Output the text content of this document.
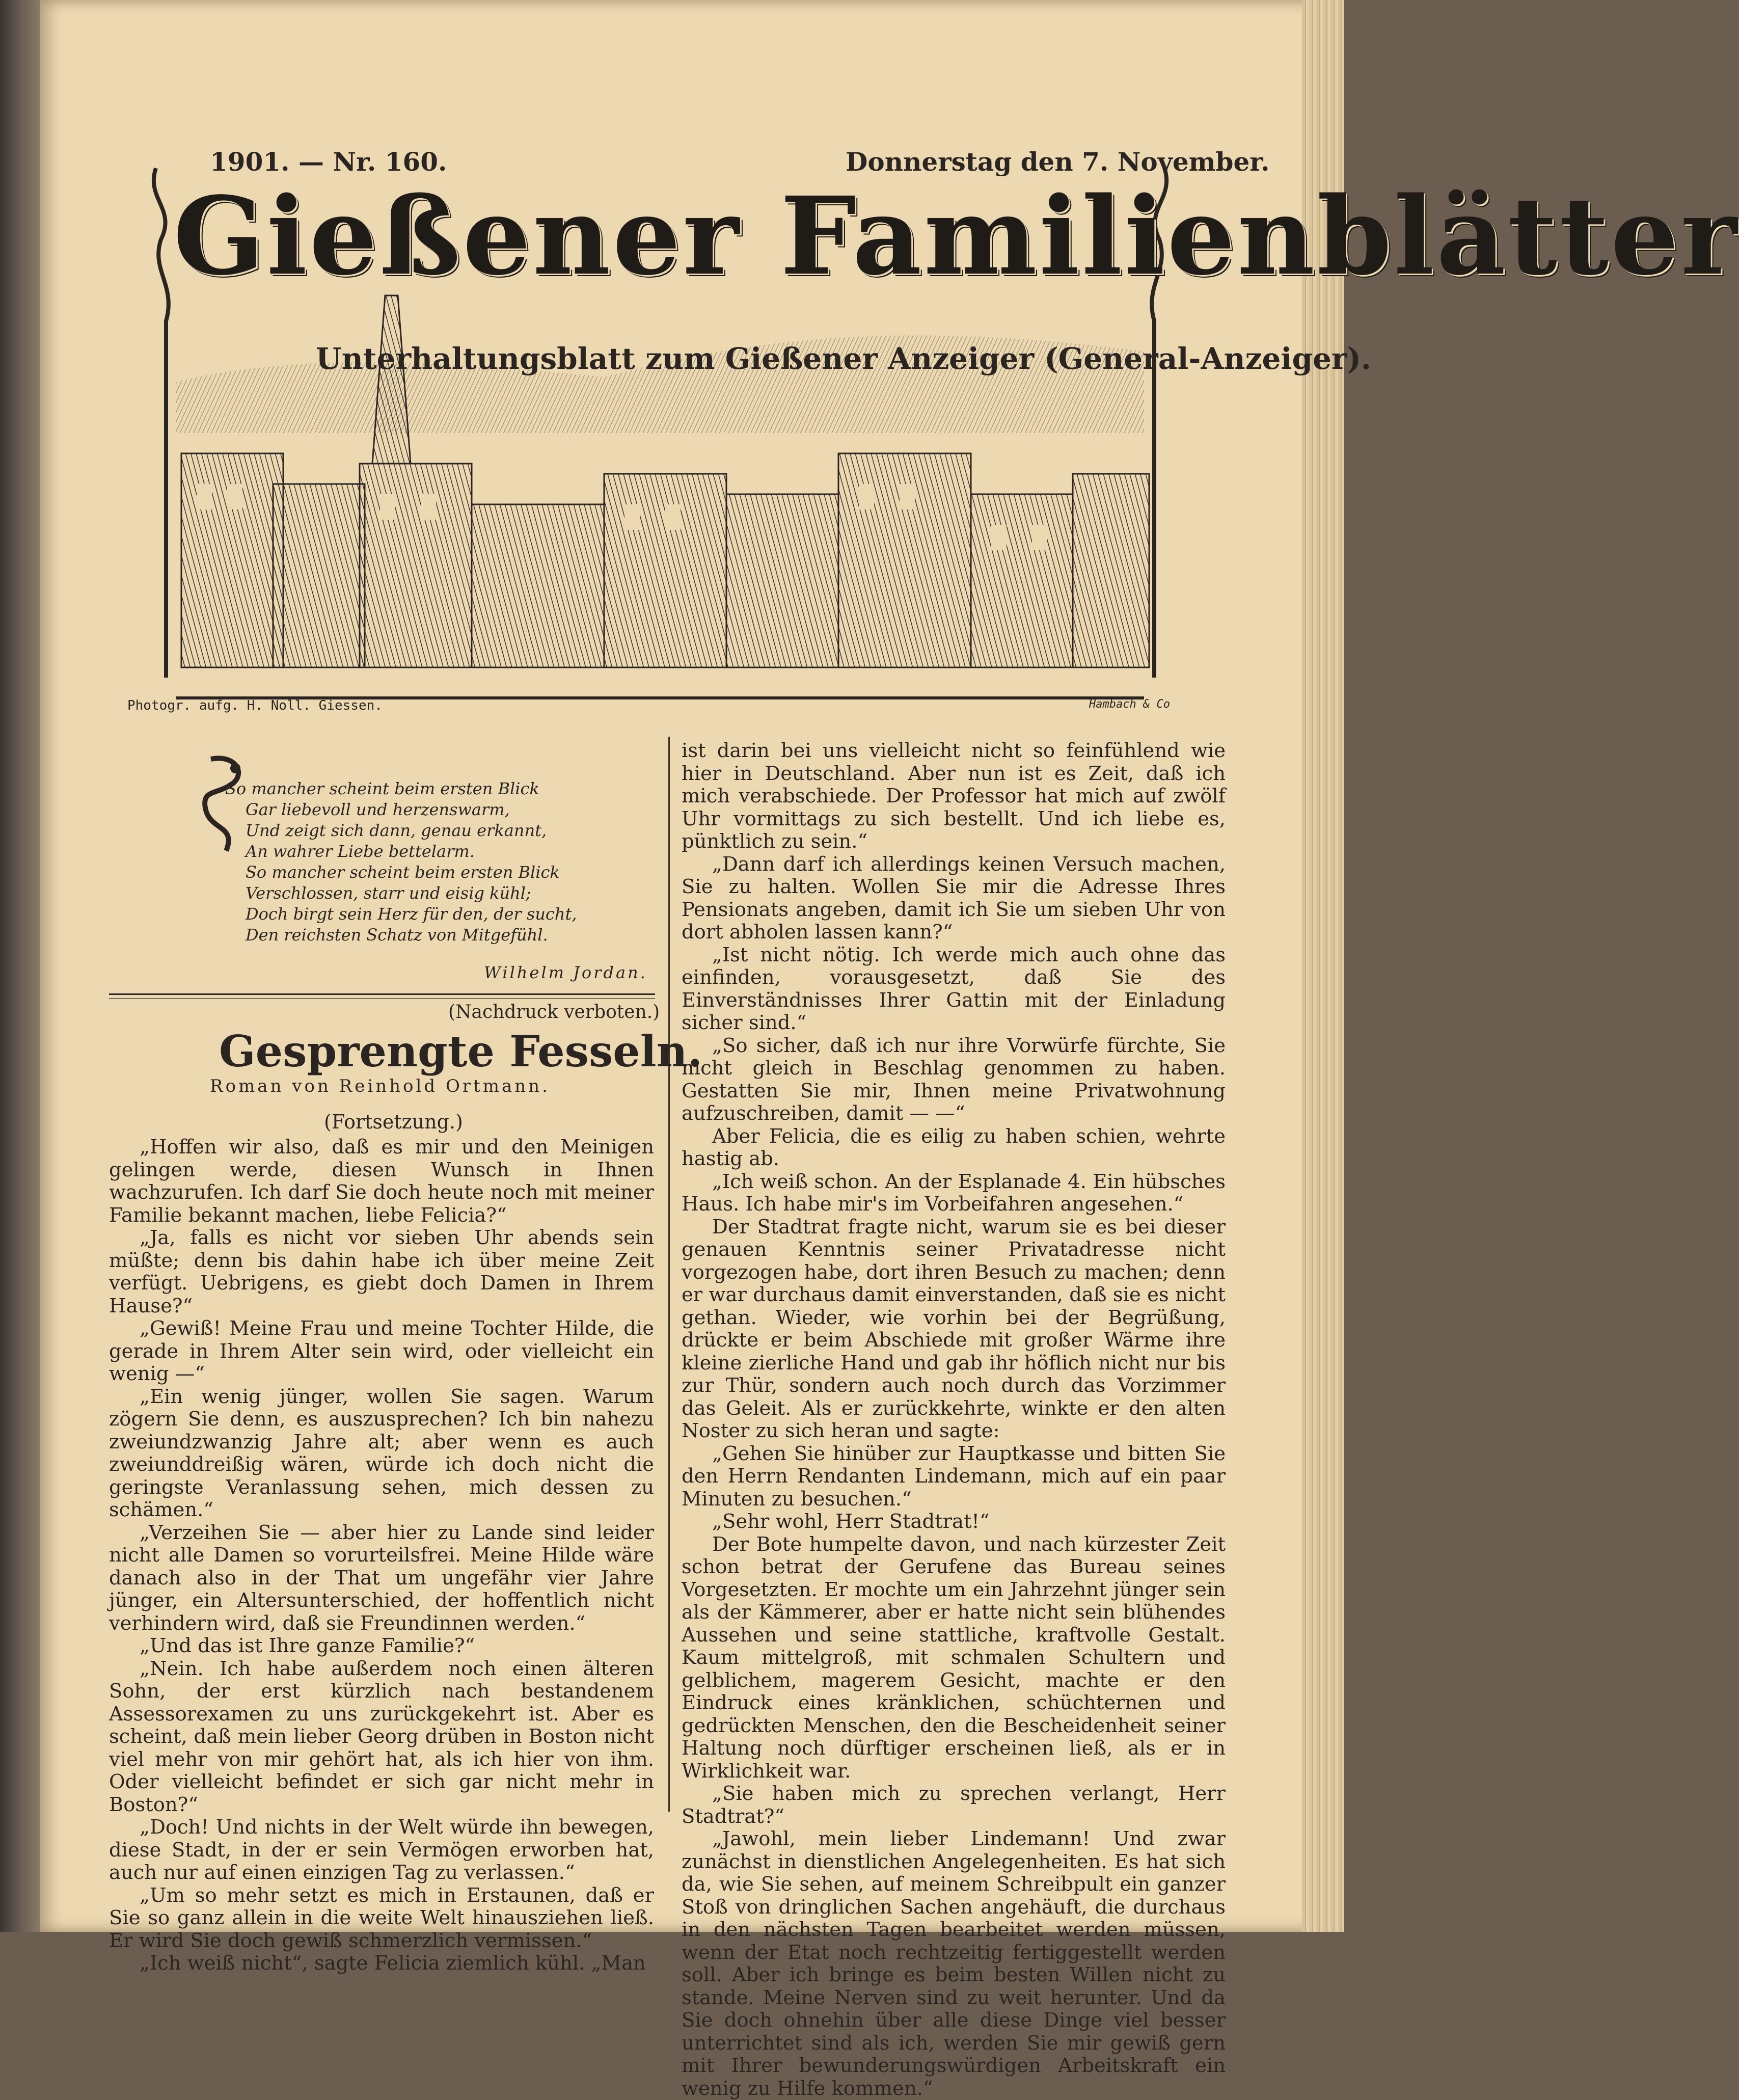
1901. — Nr. 160.	Donnerstag den 7. November.
Gießener Familienblätter
Unterhaltungsblatt zum Gießener Anzeiger (General-Anzeiger).
Photogr. aufg. H. Noll. Giessen.	Hambach & Co
So mancher scheint beim ersten Blick
Gar liebevoll und herzenswarm,
Und zeigt sich dann, genau erkannt,
An wahrer Liebe bettelarm.
So mancher scheint beim ersten Blick
Verschlossen, starr und eisig kühl;
Doch birgt sein Herz für den, der sucht,
Den reichsten Schatz von Mitgefühl.
Wilhelm Jordan.
(Nachdruck verboten.)
Gesprengte Fesseln.
Roman von Reinhold Ortmann.
(Fortsetzung.)

„Hoffen wir also, daß es mir und den Meinigen gelingen werde, diesen Wunsch in Ihnen wachzurufen. Ich darf Sie doch heute noch mit meiner Familie bekannt machen, liebe Felicia?“

„Ja, falls es nicht vor sieben Uhr abends sein müßte; denn bis dahin habe ich über meine Zeit verfügt. Uebrigens, es giebt doch Damen in Ihrem Hause?“

„Gewiß! Meine Frau und meine Tochter Hilde, die gerade in Ihrem Alter sein wird, oder vielleicht ein wenig —“

„Ein wenig jünger, wollen Sie sagen. Warum zögern Sie denn, es auszusprechen? Ich bin nahezu zweiundzwanzig Jahre alt; aber wenn es auch zweiunddreißig wären, würde ich doch nicht die geringste Veranlassung sehen, mich dessen zu schämen.“

„Verzeihen Sie — aber hier zu Lande sind leider nicht alle Damen so vorurteilsfrei. Meine Hilde wäre danach also in der That um ungefähr vier Jahre jünger, ein Altersunterschied, der hoffentlich nicht verhindern wird, daß sie Freundinnen werden.“

„Und das ist Ihre ganze Familie?“

„Nein. Ich habe außerdem noch einen älteren Sohn, der erst kürzlich nach bestandenem Assessorexamen zu uns zurückgekehrt ist. Aber es scheint, daß mein lieber Georg drüben in Boston nicht viel mehr von mir gehört hat, als ich hier von ihm. Oder vielleicht befindet er sich gar nicht mehr in Boston?“

„Doch! Und nichts in der Welt würde ihn bewegen, diese Stadt, in der er sein Vermögen erworben hat, auch nur auf einen einzigen Tag zu verlassen.“

„Um so mehr setzt es mich in Erstaunen, daß er Sie so ganz allein in die weite Welt hinausziehen ließ. Er wird Sie doch gewiß schmerzlich vermissen.“

„Ich weiß nicht“, sagte Felicia ziemlich kühl. „Man

ist darin bei uns vielleicht nicht so feinfühlend wie hier in Deutschland. Aber nun ist es Zeit, daß ich mich verabschiede. Der Professor hat mich auf zwölf Uhr vormittags zu sich bestellt. Und ich liebe es, pünktlich zu sein.“

„Dann darf ich allerdings keinen Versuch machen, Sie zu halten. Wollen Sie mir die Adresse Ihres Pensionats angeben, damit ich Sie um sieben Uhr von dort abholen lassen kann?“

„Ist nicht nötig. Ich werde mich auch ohne das einfinden, vorausgesetzt, daß Sie des Einverständnisses Ihrer Gattin mit der Einladung sicher sind.“

„So sicher, daß ich nur ihre Vorwürfe fürchte, Sie nicht gleich in Beschlag genommen zu haben. Gestatten Sie mir, Ihnen meine Privatwohnung aufzuschreiben, damit — —“

Aber Felicia, die es eilig zu haben schien, wehrte hastig ab.

„Ich weiß schon. An der Esplanade 4. Ein hübsches Haus. Ich habe mir's im Vorbeifahren angesehen.“

Der Stadtrat fragte nicht, warum sie es bei dieser genauen Kenntnis seiner Privatadresse nicht vorgezogen habe, dort ihren Besuch zu machen; denn er war durchaus damit einverstanden, daß sie es nicht gethan. Wieder, wie vorhin bei der Begrüßung, drückte er beim Abschiede mit großer Wärme ihre kleine zierliche Hand und gab ihr höflich nicht nur bis zur Thür, sondern auch noch durch das Vorzimmer das Geleit. Als er zurückkehrte, winkte er den alten Noster zu sich heran und sagte:

„Gehen Sie hinüber zur Hauptkasse und bitten Sie den Herrn Rendanten Lindemann, mich auf ein paar Minuten zu besuchen.“

„Sehr wohl, Herr Stadtrat!“

Der Bote humpelte davon, und nach kürzester Zeit schon betrat der Gerufene das Bureau seines Vorgesetzten. Er mochte um ein Jahrzehnt jünger sein als der Kämmerer, aber er hatte nicht sein blühendes Aussehen und seine stattliche, kraftvolle Gestalt. Kaum mittelgroß, mit schmalen Schultern und gelblichem, magerem Gesicht, machte er den Eindruck eines kränklichen, schüchternen und gedrückten Menschen, den die Bescheidenheit seiner Haltung noch dürftiger erscheinen ließ, als er in Wirklichkeit war.

„Sie haben mich zu sprechen verlangt, Herr Stadtrat?“

„Jawohl, mein lieber Lindemann! Und zwar zunächst in dienstlichen Angelegenheiten. Es hat sich da, wie Sie sehen, auf meinem Schreibpult ein ganzer Stoß von dringlichen Sachen angehäuft, die durchaus in den nächsten Tagen bearbeitet werden müssen, wenn der Etat noch rechtzeitig fertiggestellt werden soll. Aber ich bringe es beim besten Willen nicht zu stande. Meine Nerven sind zu weit herunter. Und da Sie doch ohnehin über alle diese Dinge viel besser unterrichtet sind als ich, werden Sie mir gewiß gern mit Ihrer bewunderungswürdigen Arbeitskraft ein wenig zu Hilfe kommen.“
